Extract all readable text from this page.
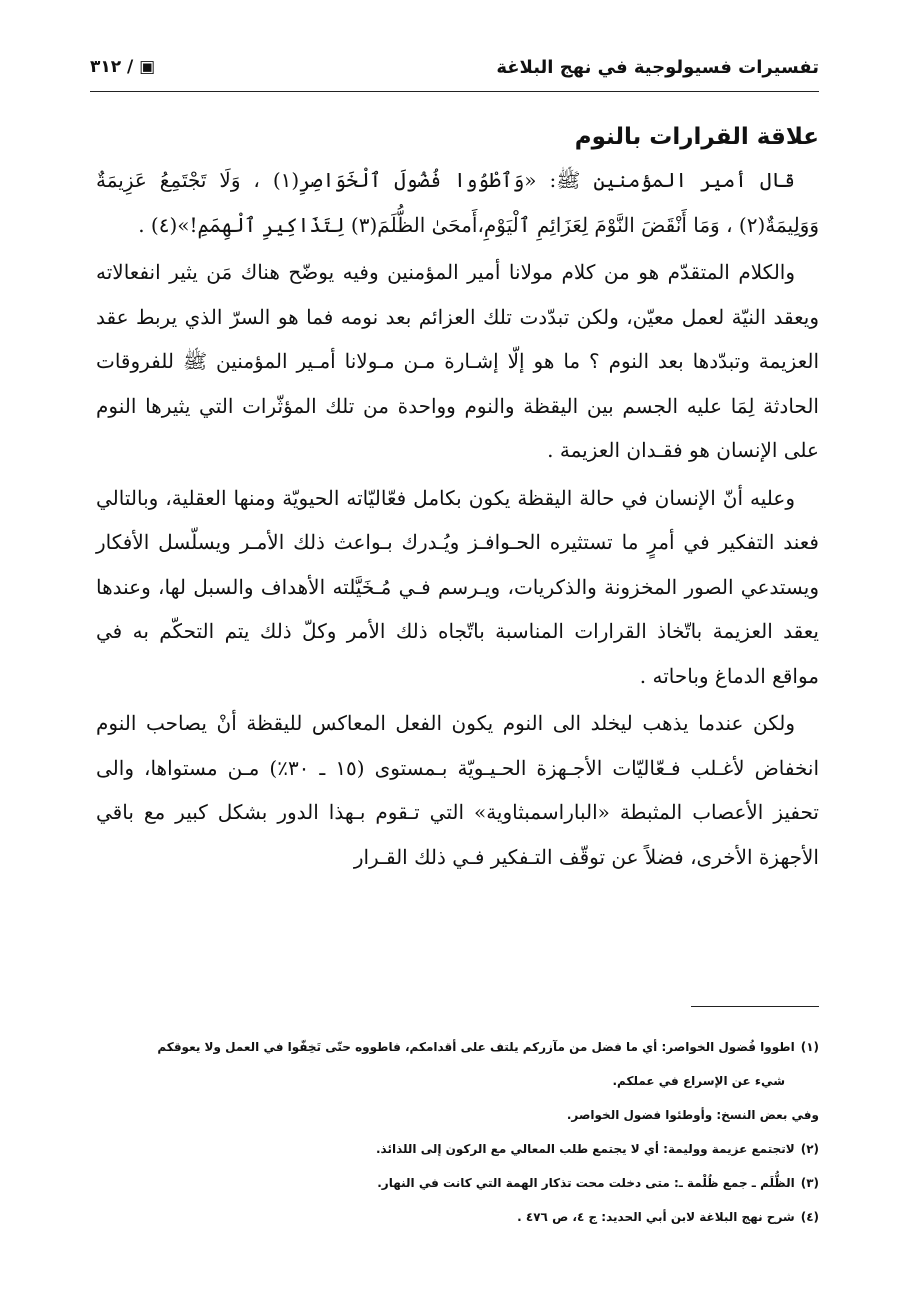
تفسيرات فسيولوجية في نهج البلاغة
▣ / ٣١٢
علاقة القرارات بالنوم

قال أمير المؤمنين ﷺ: «وَٱطْوُوا فُضُولَ ٱلْخَوَاصِرِ(١) ، وَلَا تَجْتَمِعُ عَزِيمَةٌ وَوَلِيمَةٌ(٢) ، وَمَا أَنْقَضَ النَّوْمَ لِعَزَائِمِ ٱلْيَوْمِ،أَمحَىٰ الظُّلَمَ(٣) لِتَذَاكِيرِ ٱلْهِمَمِ!»(٤) .

والكلام المتقدّم هو من كلام مولانا أمير المؤمنين وفيه يوضّح هناك مَن يثير انفعالاته ويعقد النيّة لعمل معيّن، ولكن تبدّدت تلك العزائم بعد نومه فما هو السرّ الذي يربط عقد العزيمة وتبدّدها بعد النوم ؟ ما هو إلّا إشـارة مـن مـولانا أمـير المؤمنين ﷺ للفروقات الحادثة لِمَا عليه الجسم بين اليقظة والنوم وواحدة من تلك المؤثّرات التي يثيرها النوم على الإنسان هو فقـدان العزيمة .

وعليه أنّ الإنسان في حالة اليقظة يكون بكامل فعّاليّاته الحيويّة ومنها العقلية، وبالتالي فعند التفكير في أمرٍ ما تستثيره الحـوافـز ويُـدرك بـواعث ذلك الأمـر ويسلّسل الأفكار ويستدعي الصور المخزونة والذكريات، ويـرسم فـي مُـخَيَّلته الأهداف والسبل لها، وعندها يعقد العزيمة باتّخاذ القرارات المناسبة باتّجاه ذلك الأمر وكلّ ذلك يتم التحكّم به في مواقع الدماغ وباحاته .

ولكن عندما يذهب ليخلد الى النوم يكون الفعل المعاكس لليقظة أنْ يصاحب النوم انخفاض لأغـلب فـعّاليّات الأجـهزة الحـيـويّة بـمستوى (١٥ ـ ٣٠٪) مـن مستواها، والى تحفيز الأعصاب المثبطة «الباراسمبثاوية» التي تـقوم بـهذا الدور بشكل كبير مع باقي الأجهزة الأخرى، فضلاً عن توقّف التـفكير فـي ذلك القـرار

(١)اطووا فُضول الخواصر: أي ما فضل من مآزركم يلتف على أقدامكم، فاطووه حتّى تَخِفّوا في العمل ولا يعوقكم

شيء عن الإسراع في عملكم.

وفي بعض النسخ: وأوطئوا فضول الخواصر.

(٢)لاتجتمع عزيمة ووليمة: أي لا يجتمع طلب المعالي مع الركون إلى اللذائذ.

(٣)الظُّلَم ـ جمع ظُلْمة ـ: متى دخلت محت تذكار الهمة التي كانت في النهار.

(٤)شرح نهج البلاغة لابن أبي الحديد: ج ٤، ص ٤٧٦ .
